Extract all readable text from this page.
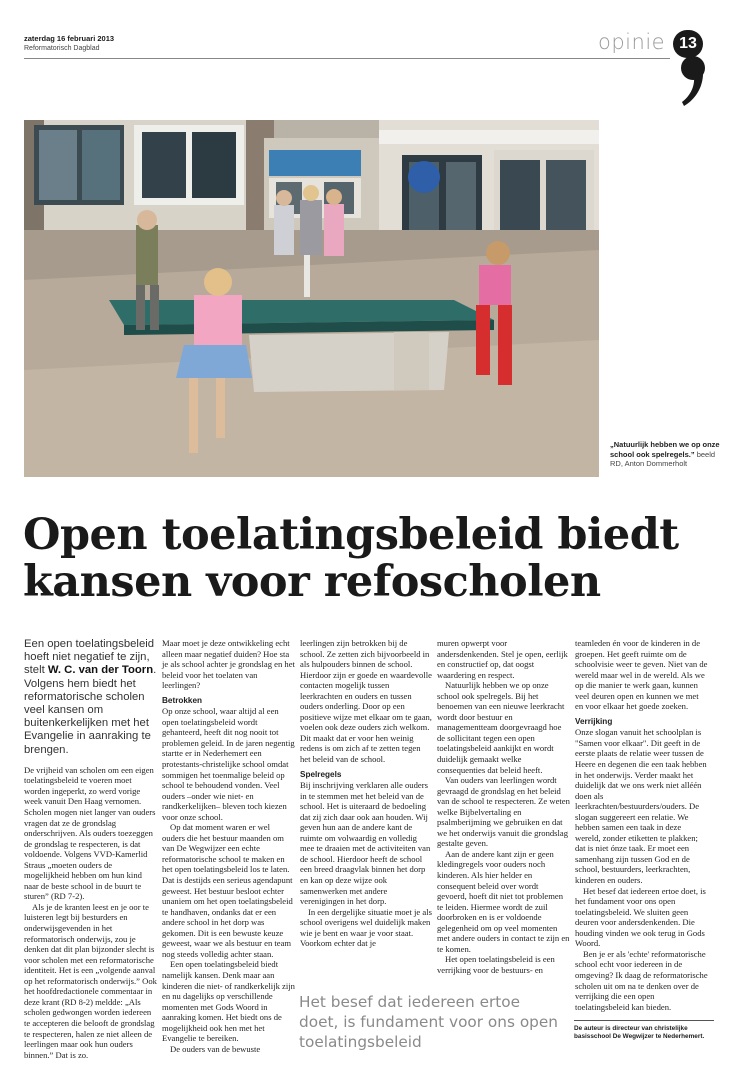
zaterdag 16 februari 2013
Reformatorisch Dagblad	opinie 13
„Natuurlijk hebben we op onze school ook spelregels.” beeld RD, Anton Dommerholt
Open toelatingsbeleid biedt
kansen voor refoscholen
Een open toelatingsbeleid hoeft niet negatief te zijn, stelt W. C. van der Toorn. Volgens hem biedt het reformatorische scholen veel kansen om buitenkerkelijken met het Evangelie in aanraking te brengen.

De vrijheid van scholen om een eigen toelatingsbeleid te voeren moet worden ingeperkt, zo werd vorige week vanuit Den Haag vernomen. Scholen mogen niet langer van ouders vragen dat ze de grondslag onderschrijven. Als ouders toezeggen de grondslag te respecteren, is dat voldoende. Volgens VVD-Kamerlid Straus „moeten ouders de mogelijkheid hebben om hun kind naar de beste school in de buurt te sturen” (RD 7-2).

Als je de kranten leest en je oor te luisteren legt bij besturders en onderwijsgevenden in het reformatorisch onderwijs, zou je denken dat dit plan bijzonder slecht is voor scholen met een reformatorische identiteit. Het is een „volgende aanval op het reformatorisch onderwijs.” Ook het hoofdredactionele commentaar in deze krant (RD 8-2) meldde: „Als scholen gedwongen worden iedereen te accepteren die belooft de grondslag te respecteren, halen ze niet alleen de leerlingen maar ook hun ouders binnen.” Dat is zo.

Maar moet je deze ontwikkeling echt alleen maar negatief duiden? Hoe sta je als school achter je grondslag en het beleid voor het toelaten van leerlingen?

Betrokken

Op onze school, waar altijd al een open toelatingsbeleid wordt gehanteerd, heeft dit nog nooit tot problemen geleid. In de jaren negentig startte er in Nederhemert een protestants-christelijke school omdat sommigen het toenmalige beleid op school te behoudend vonden. Veel ouders –onder wie niet- en randkerkelijken– bleven toch kiezen voor onze school.

Op dat moment waren er wel ouders die het bestuur maanden om van De Wegwijzer een echte reformatorische school te maken en het open toelatingsbeleid los te laten. Dat is destijds een serieus agendapunt geweest. Het bestuur besloot echter unaniem om het open toelatingsbeleid te handhaven, ondanks dat er een andere school in het dorp was gekomen. Dit is een bewuste keuze geweest, waar we als bestuur en team nog steeds volledig achter staan.

Een open toelatingsbeleid biedt namelijk kansen. Denk maar aan kinderen die niet- of randkerkelijk zijn en nu dagelijks op verschillende momenten met Gods Woord in aanraking komen. Het biedt ons de mogelijkheid ook hen met het Evangelie te bereiken.

De ouders van de bewuste

leerlingen zijn betrokken bij de school. Ze zetten zich bijvoorbeeld in als hulpouders binnen de school. Hierdoor zijn er goede en waardevolle contacten mogelijk tussen leerkrachten en ouders en tussen ouders onderling. Door op een positieve wijze met elkaar om te gaan, voelen ook deze ouders zich welkom. Dit maakt dat er voor hen weinig redens is om zich af te zetten tegen het beleid van de school.

Spelregels

Bij inschrijving verklaren alle ouders in te stemmen met het beleid van de school. Het is uiteraard de bedoeling dat zij zich daar ook aan houden. Wij geven hun aan de andere kant de ruimte om volwaardig en volledig mee te draaien met de activiteiten van de school. Hierdoor heeft de school een breed draagvlak binnen het dorp en kan op deze wijze ook samenwerken met andere verenigingen in het dorp.

In een dergelijke situatie moet je als school overigens wel duidelijk maken wie je bent en waar je voor staat. Voorkom echter dat je

muren opwerpt voor andersdenkenden. Stel je open, eerlijk en constructief op, dat oogst waardering en respect.

Natuurlijk hebben we op onze school ook spelregels. Bij het benoemen van een nieuwe leerkracht wordt door bestuur en managementteam doorgevraagd hoe de sollicitant tegen een open toelatingsbeleid aankijkt en wordt duidelijk gemaakt welke consequenties dat beleid heeft.

Van ouders van leerlingen wordt gevraagd de grondslag en het beleid van de school te respecteren. Ze weten welke Bijbelvertaling en psalmberijming we gebruiken en dat we het onderwijs vanuit die grondslag gestalte geven.

Aan de andere kant zijn er geen kledingregels voor ouders noch kinderen. Als hier helder en consequent beleid over wordt gevoerd, hoeft dit niet tot problemen te leiden. Hiermee wordt de zuil doorbroken en is er voldoende gelegenheid om op veel momenten met andere ouders in contact te zijn en te komen.

Het open toelatingsbeleid is een verrijking voor de bestuurs- en

teamleden én voor de kinderen in de groepen. Het geeft ruimte om de schoolvisie weer te geven. Niet van de wereld maar wel in de wereld. Als we op die manier te werk gaan, kunnen veel deuren open en kunnen we met en voor elkaar het goede zoeken.

Verrijking

Onze slogan vanuit het schoolplan is "Samen voor elkaar". Dit geeft in de eerste plaats de relatie weer tussen de Heere en degenen die een taak hebben in het onderwijs. Verder maakt het duidelijk dat we ons werk niet alléén doen als leerkrachten/bestuurders/ouders. De slogan suggereert een relatie. We hebben samen een taak in deze wereld, zonder etiketten te plakken; dat is niet ónze taak. Er moet een samenhang zijn tussen God en de school, bestuurders, leerkrachten, kinderen en ouders.

Het besef dat iedereen ertoe doet, is het fundament voor ons open toelatingsbeleid. We sluiten geen deuren voor andersdenkenden. Die houding vinden we ook terug in Gods Woord.

Ben je er als 'echte' reformatorische school echt voor iedereen in de omgeving? Ik daag de reformatorische scholen uit om na te denken over de verrijking die een open toelatingsbeleid kan bieden.

Het besef dat iedereen ertoe doet, is fundament voor ons open toelatingsbeleid
De auteur is directeur van christelijke basisschool De Wegwijzer te Nederhemert.
